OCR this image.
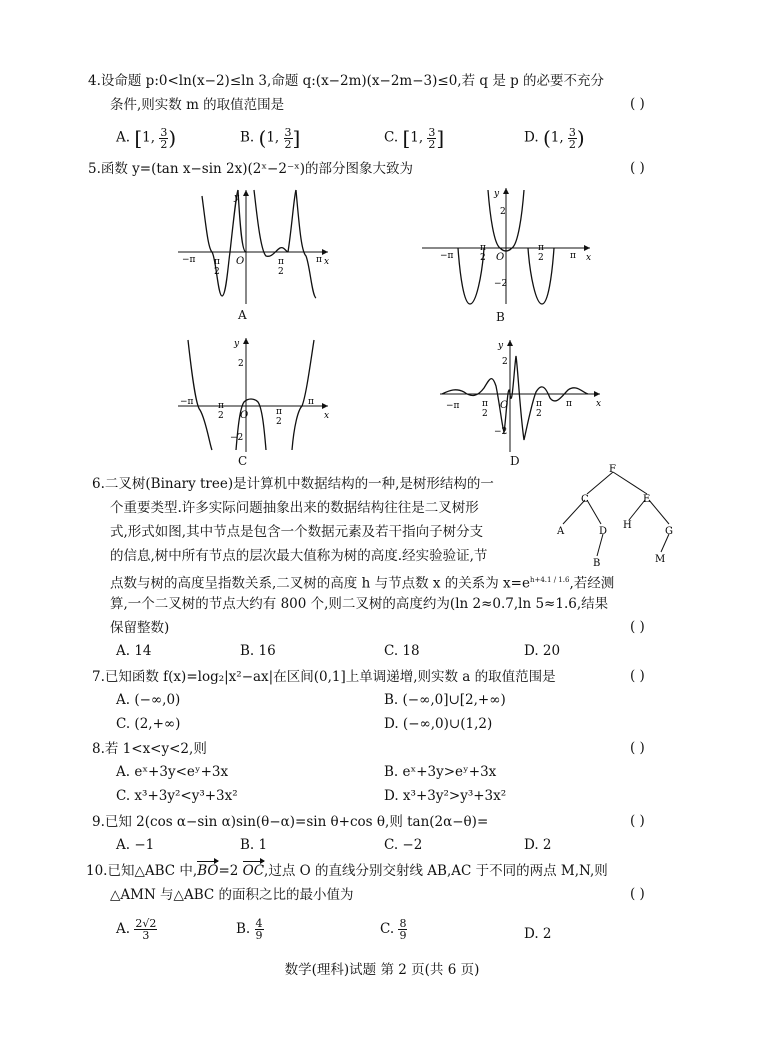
4.设命题 p:0<ln(x−2)≤ln 3,命题 q:(x−2m)(x−2m−3)≤0,若 q 是 p 的必要不充分
条件,则实数 m 的取值范围是	( )
A. [1, $\frac{3}{2}$ )	B. (1, $\frac{3}{2}$ ]	C. [1, $\frac{3}{2}$ ]	D. (1, $\frac{3}{2}$ )
5.函数 y=(tan x−sin 2x)(2ˣ−2⁻ˣ)的部分图象大致为	( )
y
x
O
−π π
2
π
2
π
A
y
x
2
−2
O
−π
π
2
π
2	π
B
y
x
2
−2
O
−π	π
2	π
2
π
C
y
x
2
−2
O
−π	π
2
π
2
π
D
6.二叉树(Binary tree)是计算机中数据结构的一种,是树形结构的一
个重要类型.许多实际问题抽象出来的数据结构往往是二叉树形
式,形式如图,其中节点是包含一个数据元素及若干指向子树分支
的信息,树中所有节点的层次最大值称为树的高度.经实验验证,节
点数与树的高度呈指数关系,二叉树的高度 h 与节点数 x 的关系为 $x=e^{h+4.1 / 1.6}$,若经测
算,一个二叉树的节点大约有 800 个,则二叉树的高度约为(ln 2≈0.7,ln 5≈1.6,结果
保留整数)	( )
A. 14	B. 16	C. 18	D. 20
F
C	E
A	D
H
G
B	M
7.已知函数 f(x)=log₂|x²−ax|在区间(0,1]上单调递增,则实数 a 的取值范围是	( )
A. (−∞,0)	B. (−∞,0]∪[2,+∞)
C. (2,+∞)	D. (−∞,0)∪(1,2)
8.若 1<x<y<2,则	( )
A. eˣ+3y<eʸ+3x	B. eˣ+3y>eʸ+3x
C. x³+3y²<y³+3x²	D. x³+3y²>y³+3x²
9.已知 2(cos α−sin α)sin(θ−α)=sin θ+cos θ,则 tan(2α−θ)=	( )
A. −1	B. 1	C. −2	D. 2
10.已知△ABC 中,BO=2 OC,过点 O 的直线分别交射线 AB,AC 于不同的两点 M,N,则
△AMN 与△ABC 的面积之比的最小值为	( )
A. $\frac{2√2}{3}$	B. $\frac{4}{9}$	C. $\frac{8}{9}$	D. 2
数学(理科)试题 第 2 页(共 6 页)
